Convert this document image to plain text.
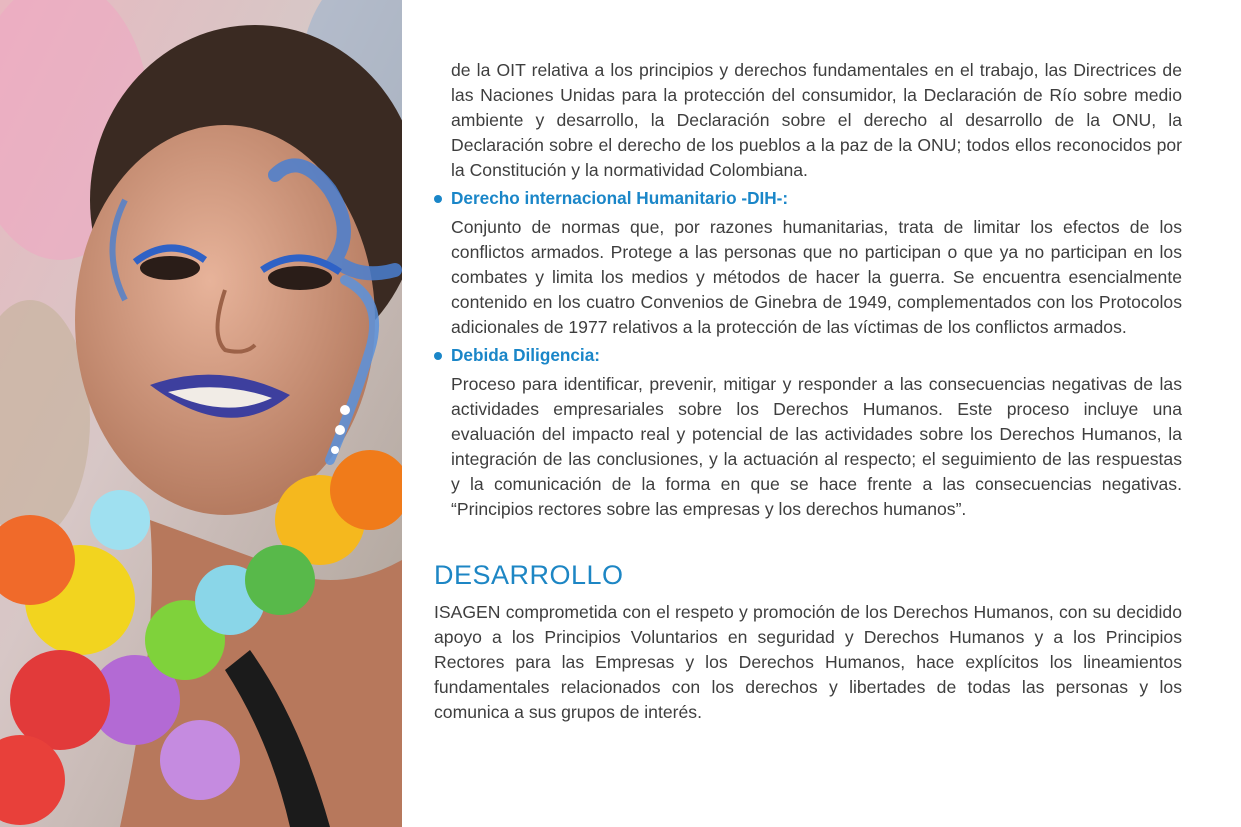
de la OIT relativa a los principios y derechos fundamentales en el trabajo, las Directrices de las Naciones Unidas para la protección del consumidor, la Declaración de Río sobre medio ambiente y desarrollo, la Declaración sobre el derecho al desarrollo de la ONU, la Declaración sobre el derecho de los pueblos a la paz de la ONU; todos ellos reconocidos por la Constitución y la normatividad Colombiana.

Derecho internacional Humanitario -DIH-:

Conjunto de normas que, por razones humanitarias, trata de limitar los efectos de los conflictos armados. Protege a las personas que no participan o que ya no participan en los combates y limita los medios y métodos de hacer la guerra. Se encuentra esencialmente contenido en los cuatro Convenios de Ginebra de 1949, complementados con los Protocolos adicionales de 1977 relativos a la protección de las víctimas de los conflictos armados.

Debida Diligencia:

Proceso para identificar, prevenir, mitigar y responder a las consecuencias negativas de las actividades empresariales sobre los Derechos Humanos. Este proceso incluye una evaluación del impacto real y potencial de las actividades sobre los Derechos Humanos, la integración de las conclusiones, y la actuación al respecto; el seguimiento de las respuestas y la comunicación de la forma en que se hace frente a las consecuencias negativas. “Principios rectores sobre las empresas y los derechos humanos”.

DESARROLLO

ISAGEN comprometida con el respeto y promoción de los Derechos Humanos, con su decidido apoyo a los Principios Voluntarios en seguridad y Derechos Humanos y a los Principios Rectores para las Empresas y los Derechos Humanos, hace explícitos los lineamientos fundamentales relacionados con los derechos y libertades de todas las personas y los comunica a sus grupos de interés.
